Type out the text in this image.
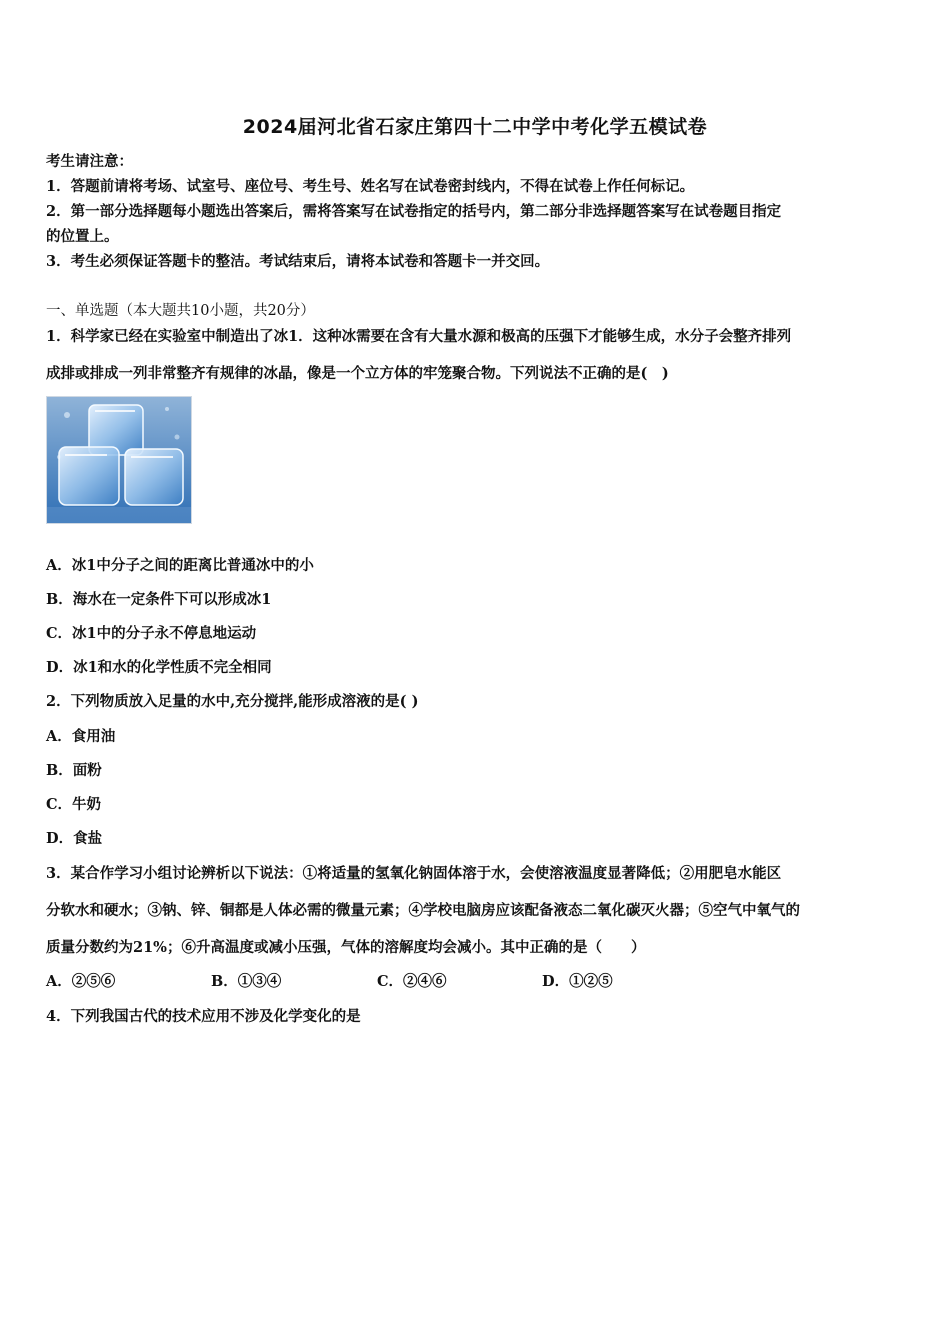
2024届河北省石家庄第四十二中学中考化学五模试卷
考生请注意：
1．答题前请将考场、试室号、座位号、考生号、姓名写在试卷密封线内，不得在试卷上作任何标记。
2．第一部分选择题每小题选出答案后，需将答案写在试卷指定的括号内，第二部分非选择题答案写在试卷题目指定
的位置上。
3．考生必须保证答题卡的整洁。考试结束后，请将本试卷和答题卡一并交回。
一、单选题（本大题共10小题，共20分）
1．科学家已经在实验室中制造出了冰1．这种冰需要在含有大量水源和极高的压强下才能够生成，水分子会整齐排列
成排或排成一列非常整齐有规律的冰晶，像是一个立方体的牢笼聚合物。下列说法不正确的是(　)
A．冰1中分子之间的距离比普通冰中的小
B．海水在一定条件下可以形成冰1
C．冰1中的分子永不停息地运动
D．冰1和水的化学性质不完全相同
2．下列物质放入足量的水中,充分搅拌,能形成溶液的是( )
A．食用油
B．面粉
C．牛奶
D．食盐
3．某合作学习小组讨论辨析以下说法：①将适量的氢氧化钠固体溶于水，会使溶液温度显著降低；②用肥皂水能区
分软水和硬水；③钠、锌、铜都是人体必需的微量元素；④学校电脑房应该配备液态二氧化碳灭火器；⑤空气中氧气的
质量分数约为21%；⑥升高温度或减小压强，气体的溶解度均会减小。其中正确的是（　　）
A．②⑤⑥	B．①③④	C．②④⑥	D．①②⑤
4．下列我国古代的技术应用不涉及化学变化的是
